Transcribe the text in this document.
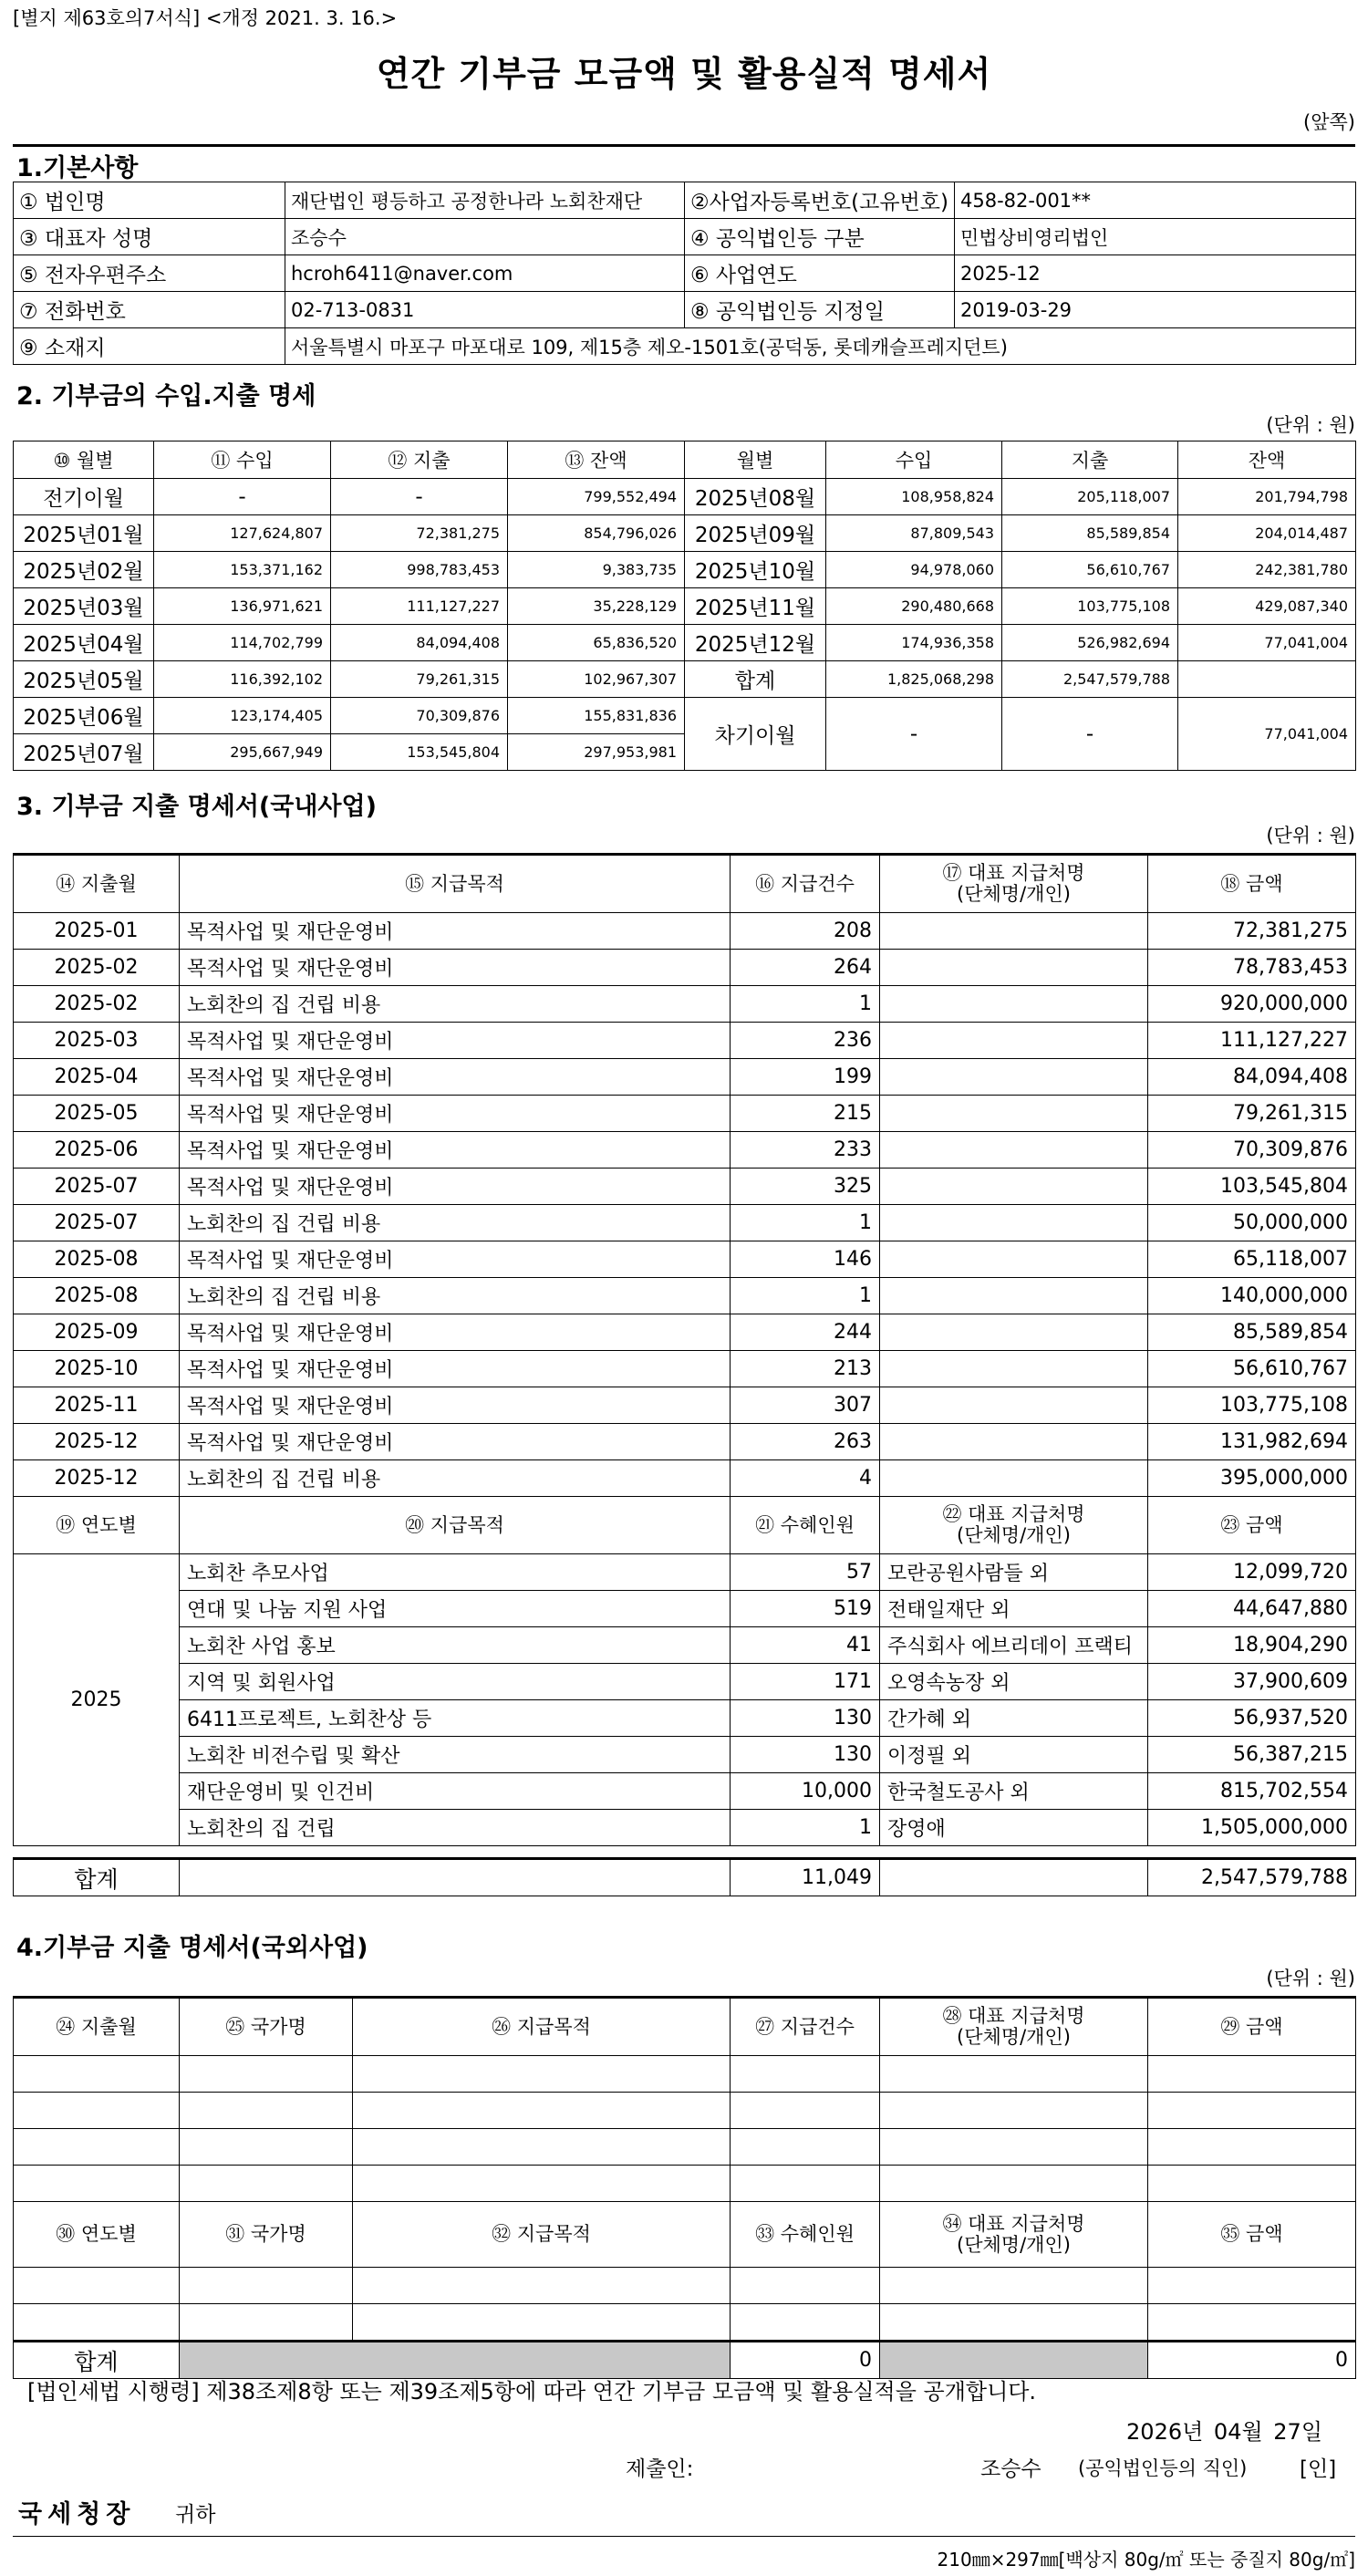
[별지 제63호의7서식] <개정 2021. 3. 16.>
연간 기부금 모금액 및 활용실적 명세서
(앞쪽)
1.기본사항
① 법인명	재단법인 평등하고 공정한나라 노회찬재단	②사업자등록번호(고유번호)	458-82-001**
③ 대표자 성명	조승수	④ 공익법인등 구분	민법상비영리법인
⑤ 전자우편주소	hcroh6411@naver.com	⑥ 사업연도	2025-12
⑦ 전화번호	02-713-0831	⑧ 공익법인등 지정일	2019-03-29
⑨ 소재지	서울특별시 마포구 마포대로 109, 제15층 제오-1501호(공덕동, 롯데캐슬프레지던트)		
2. 기부금의 수입.지출 명세
(단위 : 원)
⑩ 월별	⑪ 수입	⑫ 지출	⑬ 잔액	월별	수입	지출	잔액
전기이월	-	-	799,552,494	2025년08월	108,958,824	205,118,007	201,794,798
2025년01월	127,624,807	72,381,275	854,796,026	2025년09월	87,809,543	85,589,854	204,014,487
2025년02월	153,371,162	998,783,453	9,383,735	2025년10월	94,978,060	56,610,767	242,381,780
2025년03월	136,971,621	111,127,227	35,228,129	2025년11월	290,480,668	103,775,108	429,087,340
2025년04월	114,702,799	84,094,408	65,836,520	2025년12월	174,936,358	526,982,694	77,041,004
2025년05월	116,392,102	79,261,315	102,967,307	합계	1,825,068,298	2,547,579,788	
2025년06월	123,174,405	70,309,876	155,831,836	차기이월	-	-	77,041,004
2025년07월	295,667,949	153,545,804	297,953,981				
3. 기부금 지출 명세서(국내사업)
(단위 : 원)
⑭ 지출월	⑮ 지급목적	⑯ 지급건수	⑰ 대표 지급처명
(단체명/개인)	⑱ 금액
2025-01	목적사업 및 재단운영비	208		72,381,275
2025-02	목적사업 및 재단운영비	264		78,783,453
2025-02	노회찬의 집 건립 비용	1		920,000,000
2025-03	목적사업 및 재단운영비	236		111,127,227
2025-04	목적사업 및 재단운영비	199		84,094,408
2025-05	목적사업 및 재단운영비	215		79,261,315
2025-06	목적사업 및 재단운영비	233		70,309,876
2025-07	목적사업 및 재단운영비	325		103,545,804
2025-07	노회찬의 집 건립 비용	1		50,000,000
2025-08	목적사업 및 재단운영비	146		65,118,007
2025-08	노회찬의 집 건립 비용	1		140,000,000
2025-09	목적사업 및 재단운영비	244		85,589,854
2025-10	목적사업 및 재단운영비	213		56,610,767
2025-11	목적사업 및 재단운영비	307		103,775,108
2025-12	목적사업 및 재단운영비	263		131,982,694
2025-12	노회찬의 집 건립 비용	4		395,000,000
⑲ 연도별	⑳ 지급목적	㉑ 수혜인원	㉒ 대표 지급처명
(단체명/개인)	㉓ 금액
2025	노회찬 추모사업	57	모란공원사람들 외	12,099,720
	연대 및 나눔 지원 사업	519	전태일재단 외	44,647,880
	노회찬 사업 홍보	41	주식회사 에브리데이 프랙티	18,904,290
	지역 및 회원사업	171	오영속농장 외	37,900,609
	6411프로젝트, 노회찬상 등	130	간가혜 외	56,937,520
	노회찬 비전수립 및 확산	130	이정필 외	56,387,215
	재단운영비 및 인건비	10,000	한국철도공사 외	815,702,554
	노회찬의 집 건립	1	장영애	1,505,000,000

합계		11,049		2,547,579,788
4.기부금 지출 명세서(국외사업)
(단위 : 원)
㉔ 지출월	㉕ 국가명	㉖ 지급목적	㉗ 지급건수	㉘ 대표 지급처명
(단체명/개인)	㉙ 금액

㉚ 연도별	㉛ 국가명	㉜ 지급목적	㉝ 수혜인원	㉞ 대표 지급처명
(단체명/개인)	㉟ 금액

합계			0		0
[법인세법 시행령] 제38조제8항 또는 제39조제5항에 따라 연간 기부금 모금액 및 활용실적을 공개합니다.
2026년 04월 27일
제출인:	조승수 (공익법인등의 직인)	[인]
국세청장 귀하
210㎜×297㎜[백상지 80g/㎡ 또는 중질지 80g/㎡]
